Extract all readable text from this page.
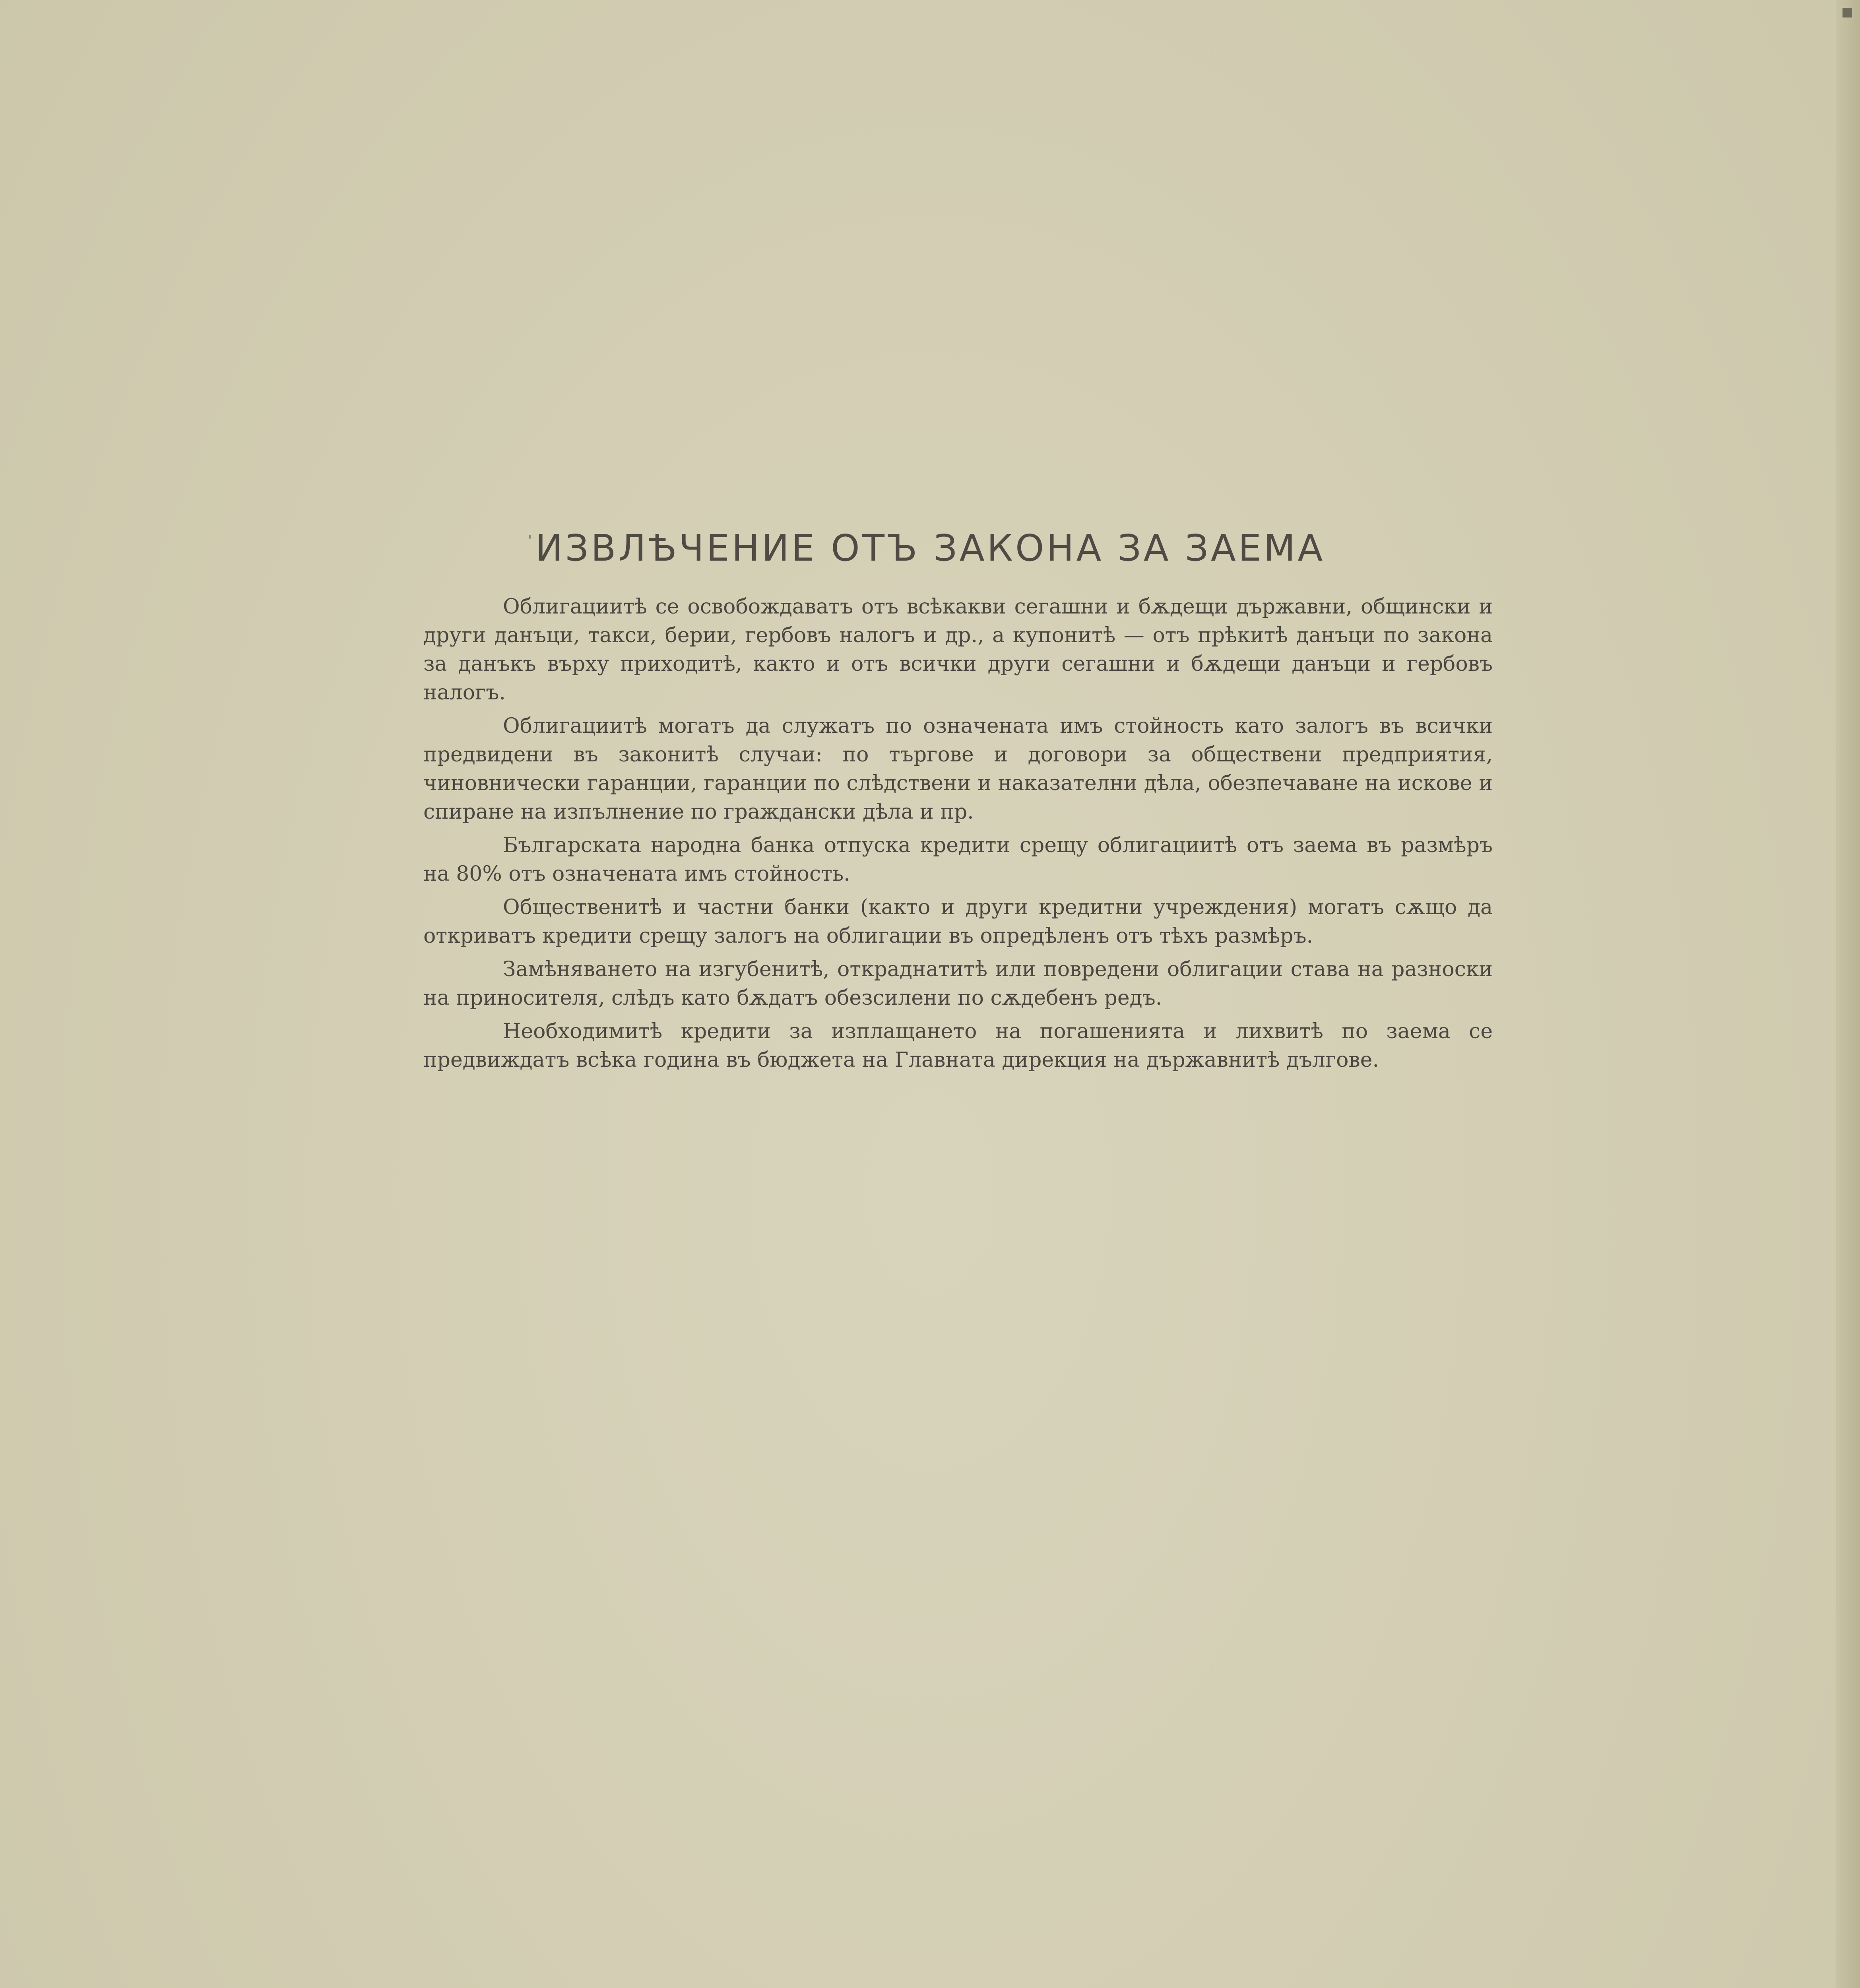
ИЗВЛѢЧЕНИЕ ОТЪ ЗАКОНА ЗА ЗАЕМА

Облигациитѣ се освобождаватъ отъ всѣкакви сегашни и бѫдещи държавни, общински и други данъци, такси, берии, гербовъ налогъ и др., а купонитѣ — отъ прѣкитѣ данъци по закона за данъкъ върху приходитѣ, както и отъ всички други сегашни и бѫдещи данъци и гербовъ налогъ.

Облигациитѣ могатъ да служатъ по означената имъ стойность като залогъ въ всички предвидени въ законитѣ случаи: по търгове и договори за обществени предприятия, чиновнически гаранции, гаранции по слѣдствени и наказателни дѣла, обезпечаване на искове и спиране на изпълнение по граждански дѣла и пр.

Българската народна банка отпуска кредити срещу облигациитѣ отъ заема въ размѣръ на 80% отъ означената имъ стойность.

Общественитѣ и частни банки (както и други кредитни учреждения) могатъ сѫщо да откриватъ кредити срещу залогъ на облигации въ опредѣленъ отъ тѣхъ размѣръ.

Замѣняването на изгубенитѣ, откраднатитѣ или повредени облигации става на разноски на приносителя, слѣдъ като бѫдатъ обезсилени по сѫдебенъ редъ.

Необходимитѣ кредити за изплащането на погашенията и лихвитѣ по заема се предвиждатъ всѣка година въ бюджета на Главната дирекция на държавнитѣ дългове.
